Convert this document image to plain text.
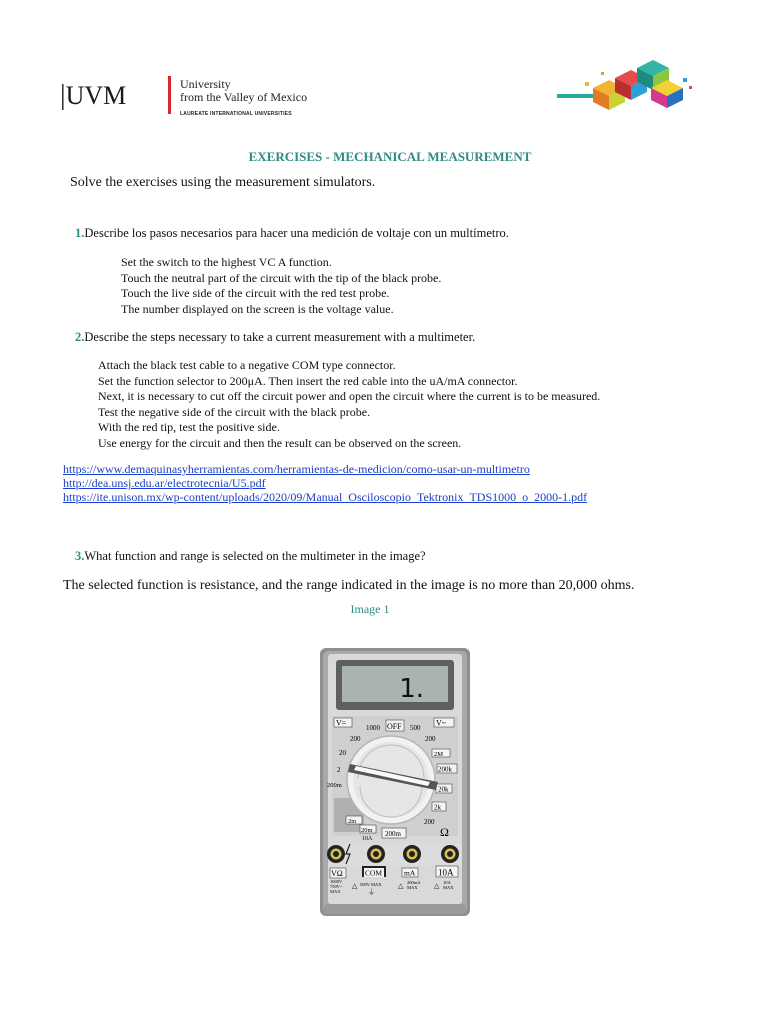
|UVM	University
from the Valley of Mexico
LAUREATE INTERNATIONAL UNIVERSITIES
EXERCISES - MECHANICAL MEASUREMENT
Solve the exercises using the measurement simulators.
1.Describe los pasos necesarios para hacer una medición de voltaje con un multímetro.
Set the switch to the highest VC A function.
Touch the neutral part of the circuit with the tip of the black probe.
Touch the live side of the circuit with the red test probe.
The number displayed on the screen is the voltage value.
2.Describe the steps necessary to take a current measurement with a multimeter.
Attach the black test cable to a negative COM type connector.
Set the function selector to 200μA. Then insert the red cable into the uA/mA connector.
Next, it is necessary to cut off the circuit power and open the circuit where the current is to be measured.
Test the negative side of the circuit with the black probe.
With the red tip, test the positive side.
Use energy for the circuit and then the result can be observed on the screen.
https://www.demaquinasyherramientas.com/herramientas-de-medicion/como-usar-un-multimetro
http://dea.unsj.edu.ar/electrotecnia/U5.pdf
https://ite.unison.mx/wp-content/uploads/2020/09/Manual_Osciloscopio_Tektronix_TDS1000_o_2000-1.pdf
3.What function and range is selected on the multimeter in the image?
The selected function is resistance, and the range indicated in the image is no more than 20,000 ohms.
Image 1
1.
V=	V~
1000 OFF 500
200	200
20	2M
2	200k
200m	20k
2k
200
Ω
2m
20m
10A
200m
VΩ
1000V
750V~
MAX
COM
△ 500V MAX
⏚
mA
△ 200mA
MAX
10A
△ 10A
MAX
